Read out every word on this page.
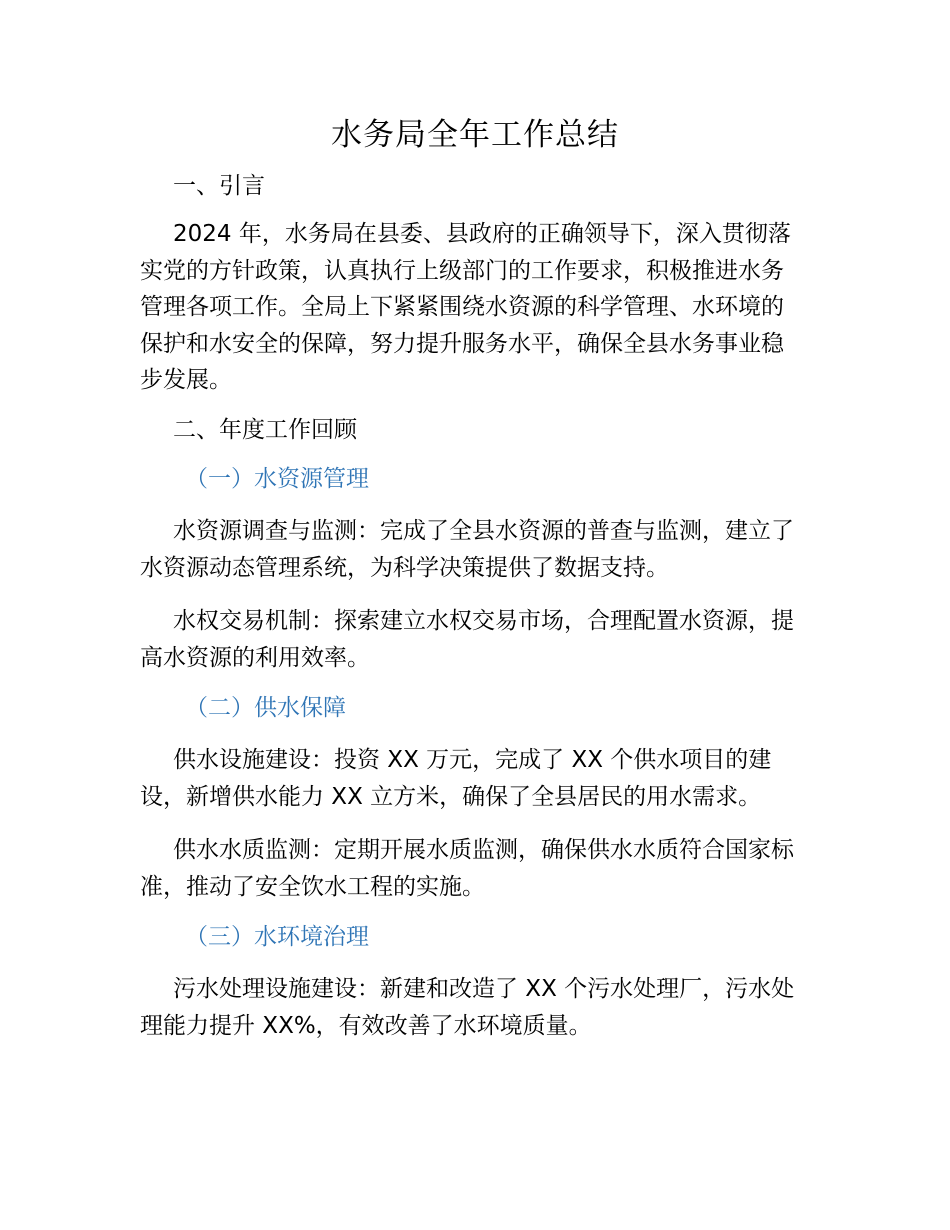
水务局全年工作总结
一、引言
2024 年，水务局在县委、县政府的正确领导下，深入贯彻落实党的方针政策，认真执行上级部门的工作要求，积极推进水务管理各项工作。全局上下紧紧围绕水资源的科学管理、水环境的保护和水安全的保障，努力提升服务水平，确保全县水务事业稳步发展。
二、年度工作回顾
（一）水资源管理
水资源调查与监测：完成了全县水资源的普查与监测，建立了水资源动态管理系统，为科学决策提供了数据支持。
水权交易机制：探索建立水权交易市场，合理配置水资源，提高水资源的利用效率。
（二）供水保障
供水设施建设：投资 XX 万元，完成了 XX 个供水项目的建设，新增供水能力 XX 立方米，确保了全县居民的用水需求。
供水水质监测：定期开展水质监测，确保供水水质符合国家标准，推动了安全饮水工程的实施。
（三）水环境治理
污水处理设施建设：新建和改造了 XX 个污水处理厂，污水处理能力提升 XX%，有效改善了水环境质量。
